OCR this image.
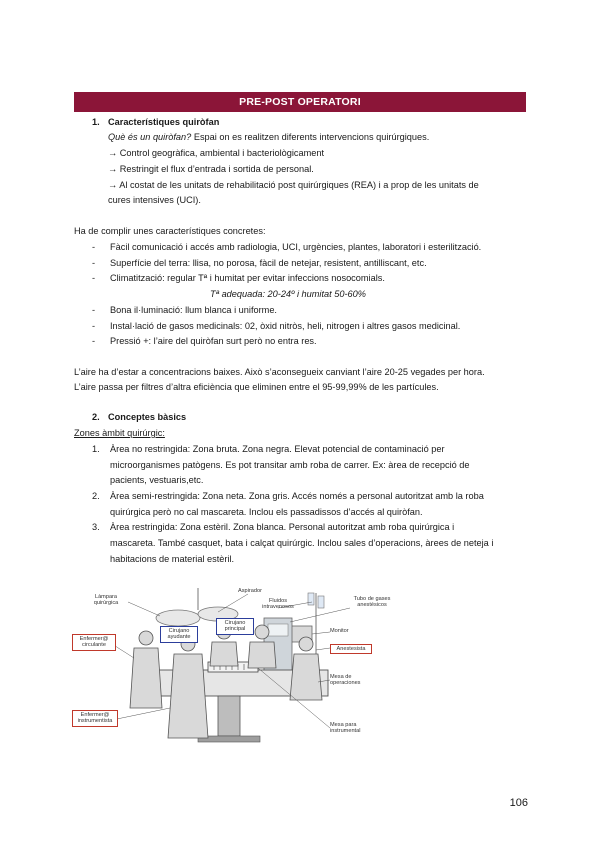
PRE-POST OPERATORI
1. Característiques quiròfan
Què és un quiròfan? Espai on es realitzen diferents intervencions quirúrgiques.
→ Control geogràfica, ambiental i bacteriològicament
→ Restringit el flux d’entrada i sortida de personal.
→ Al costat de les unitats de rehabilitació post quirúrgiques (REA) i a prop de les unitats de
cures intensives (UCI).
Ha de complir unes característiques concretes:
- Fàcil comunicació i accés amb radiologia, UCI, urgències, plantes, laboratori i esterilització.
- Superfície del terra: llisa, no porosa, fàcil de netejar, resistent, antilliscant, etc.
- Climatització: regular Tª i humitat per evitar infeccions nosocomials.
Tª adequada: 20-24º i humitat 50-60%
- Bona il·luminació: llum blanca i uniforme.
- Instal·lació de gasos medicinals: 02, òxid nitròs, heli, nitrogen i altres gasos medicinal.
- Pressió +: l’aire del quiròfan surt però no entra res.
L’aire ha d’estar a concentracions baixes. Això s’aconsegueix canviant l’aire 20-25 vegades per hora.
L’aire passa per filtres d’altra eficiència que eliminen entre el 95-99,99% de les partícules.
2. Conceptes bàsics
Zones àmbit quirúrgic:
1. Àrea no restringida: Zona bruta. Zona negra. Elevat potencial de contaminació per
microorganismes patògens. Es pot transitar amb roba de carrer. Ex: àrea de recepció de
pacients, vestuaris,etc.
2. Àrea semi-restringida: Zona neta. Zona gris. Accés només a personal autoritzat amb la roba
quirúrgica però no cal mascareta. Inclou els passadissos d’accés al quiròfan.
3. Àrea restringida: Zona estèril. Zona blanca. Personal autoritzat amb roba quirúrgica i
mascareta. També casquet, bata i calçat quirúrgic. Inclou sales d’operacions, àrees de neteja i
habitacions de material estèril.
Làmpara quirúrgica
Aspirador
Fluidos intravenosos
Tubo de gases anestésicos
Cirujano ayudante
Cirujano principal	Monitor
Anestesista
Enfermer@ circulante
Mesa de operaciones
Enfermer@ instrumentista
Mesa para instrumental
106
